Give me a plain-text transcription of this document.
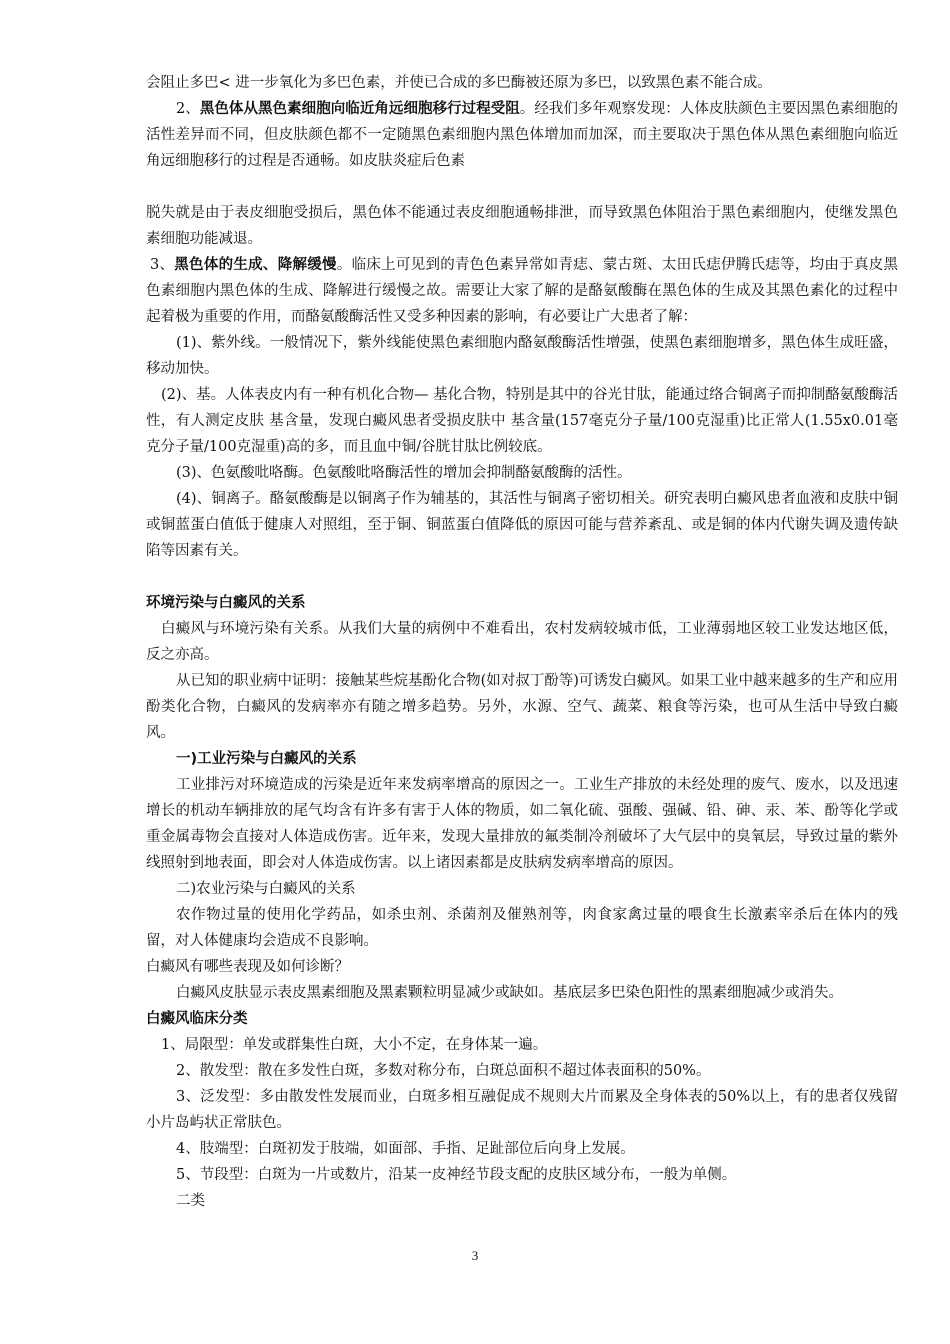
会阻止多巴< 进一步氧化为多巴色素，并使已合成的多巴酶被还原为多巴，以致黑色素不能合成。

2、黑色体从黑色素细胞向临近角远细胞移行过程受阻。经我们多年观察发现：人体皮肤颜色主要因黑色素细胞的活性差异而不同，但皮肤颜色都不一定随黑色素细胞内黑色体增加而加深，而主要取决于黑色体从黑色素细胞向临近角远细胞移行的过程是否通畅。如皮肤炎症后色素

脱失就是由于表皮细胞受损后，黑色体不能通过表皮细胞通畅排泄，而导致黑色体阻治于黑色素细胞内，使继发黑色素细胞功能减退。

3、黑色体的生成、降解缓慢。临床上可见到的青色色素异常如青痣、蒙古斑、太田氏痣伊腾氏痣等，均由于真皮黑色素细胞内黑色体的生成、降解进行缓慢之故。需要让大家了解的是酪氨酸酶在黑色体的生成及其黑色素化的过程中起着极为重要的作用，而酪氨酸酶活性又受多种因素的影响，有必要让广大患者了解：

(1)、紫外线。一般情况下，紫外线能使黑色素细胞内酪氨酸酶活性增强，使黑色素细胞增多，黑色体生成旺盛，移动加快。

(2)、基。人体表皮内有一种有机化合物— 基化合物，特别是其中的谷光甘肽，能通过络合铜离子而抑制酪氨酸酶活性，有人测定皮肤 基含量，发现白癜风患者受损皮肤中 基含量(157毫克分子量/100克湿重)比正常人(1.55x0.01毫克分子量/100克湿重)高的多，而且血中铜/谷胱甘肽比例较底。

(3)、色氨酸吡咯酶。色氨酸吡咯酶活性的增加会抑制酪氨酸酶的活性。

(4)、铜离子。酪氨酸酶是以铜离子作为辅基的，其活性与铜离子密切相关。研究表明白癜风患者血液和皮肤中铜或铜蓝蛋白值低于健康人对照组，至于铜、铜蓝蛋白值降低的原因可能与营养紊乱、或是铜的体内代谢失调及遗传缺陷等因素有关。

环境污染与白癜风的关系

白癜风与环境污染有关系。从我们大量的病例中不难看出，农村发病较城市低，工业薄弱地区较工业发达地区低，反之亦高。

从已知的职业病中证明：接触某些烷基酚化合物(如对叔丁酚等)可诱发白癜风。如果工业中越来越多的生产和应用酚类化合物，白癜风的发病率亦有随之增多趋势。另外，水源、空气、蔬菜、粮食等污染，也可从生活中导致白癜风。

一)工业污染与白癜风的关系

工业排污对环境造成的污染是近年来发病率增高的原因之一。工业生产排放的未经处理的废气、废水，以及迅速增长的机动车辆排放的尾气均含有许多有害于人体的物质，如二氧化硫、强酸、强碱、铅、砷、汞、苯、酚等化学或重金属毒物会直接对人体造成伤害。近年来，发现大量排放的氟类制冷剂破坏了大气层中的臭氧层，导致过量的紫外线照射到地表面，即会对人体造成伤害。以上诸因素都是皮肤病发病率增高的原因。

二)农业污染与白癜风的关系

农作物过量的使用化学药品，如杀虫剂、杀菌剂及催熟剂等，肉食家禽过量的喂食生长激素宰杀后在体内的残留，对人体健康均会造成不良影响。

白癜风有哪些表现及如何诊断？

白癜风皮肤显示表皮黑素细胞及黑素颗粒明显减少或缺如。基底层多巴染色阳性的黑素细胞减少或消失。

白癜风临床分类

1、局限型：单发或群集性白斑，大小不定，在身体某一遍。

2、散发型：散在多发性白斑，多数对称分布，白斑总面积不超过体表面积的50%。

3、泛发型：多由散发性发展而业，白斑多相互融促成不规则大片而累及全身体表的50%以上，有的患者仅残留小片岛屿状正常肤色。

4、肢端型：白斑初发于肢端，如面部、手指、足趾部位后向身上发展。

5、节段型：白斑为一片或数片，沿某一皮神经节段支配的皮肤区域分布，一般为单侧。

二类

3
